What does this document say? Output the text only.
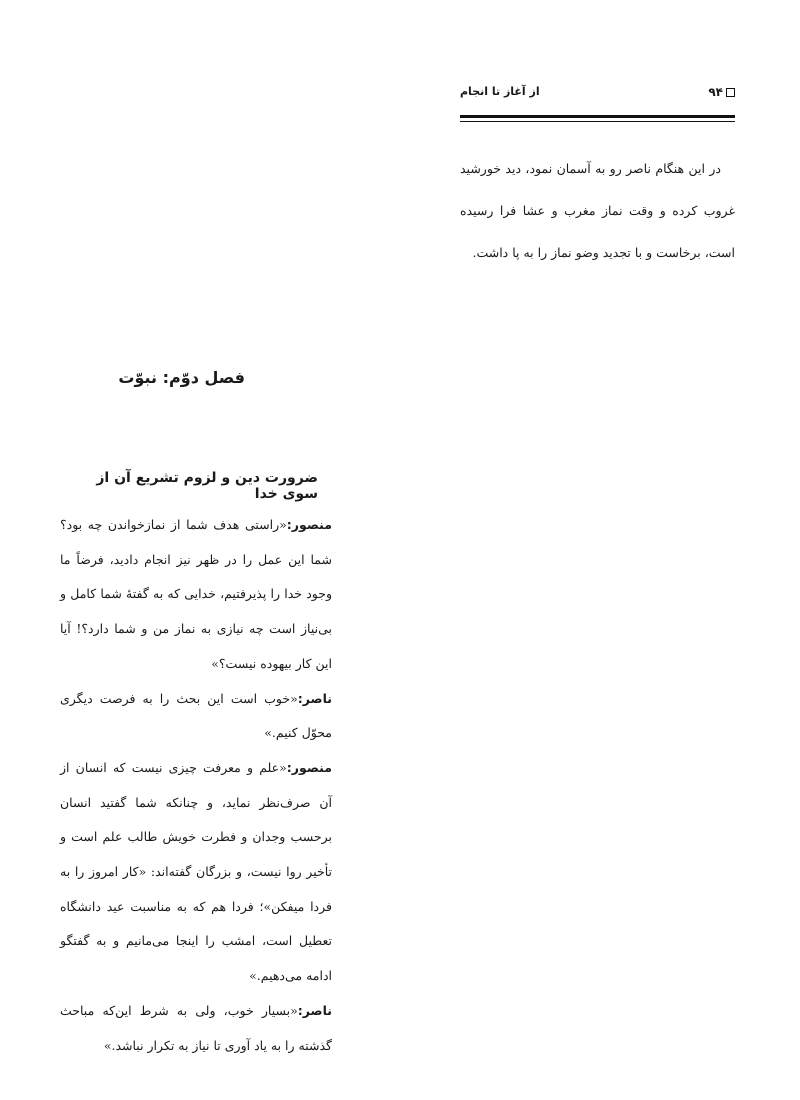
۹۴
از آغاز تا انجام

در این هنگام ناصر رو به آسمان نمود، دید خورشید غروب کرده و وقت نماز مغرب و عشا فرا رسیده است، برخاست و با تجدید وضو نماز را به پا داشت.

فصل دوّم: نبوّت
ضرورت دین و لزوم تشریع آن از سوی خدا

منصور:«راستی هدف شما از نمازخواندن چه بود؟ شما این عمل را در ظهر نیز انجام دادید، فرضاً ما وجود خدا را پذیرفتیم، خدایی که به گفتهٔ شما کامل و بی‌نیاز است چه نیازی به نماز من و شما دارد؟! آیا این کار بیهوده نیست؟»

ناصر:«خوب است این بحث را به فرصت دیگری محوّل کنیم.»

منصور:«علم و معرفت چیزی نیست که انسان از آن صرف‌نظر نماید، و چنانکه شما گفتید انسان برحسب وجدان و فطرت خویش طالب علم است و تأخیر روا نیست، و بزرگان گفته‌اند: «کار امروز را به فردا میفکن»؛ فردا هم که به مناسبت عید دانشگاه تعطیل است، امشب را اینجا می‌مانیم و به گفتگو ادامه می‌دهیم.»

ناصر:«بسیار خوب، ولی به شرط این‌که مباحث گذشته را به یاد آوری تا نیاز به تکرار نباشد.»
